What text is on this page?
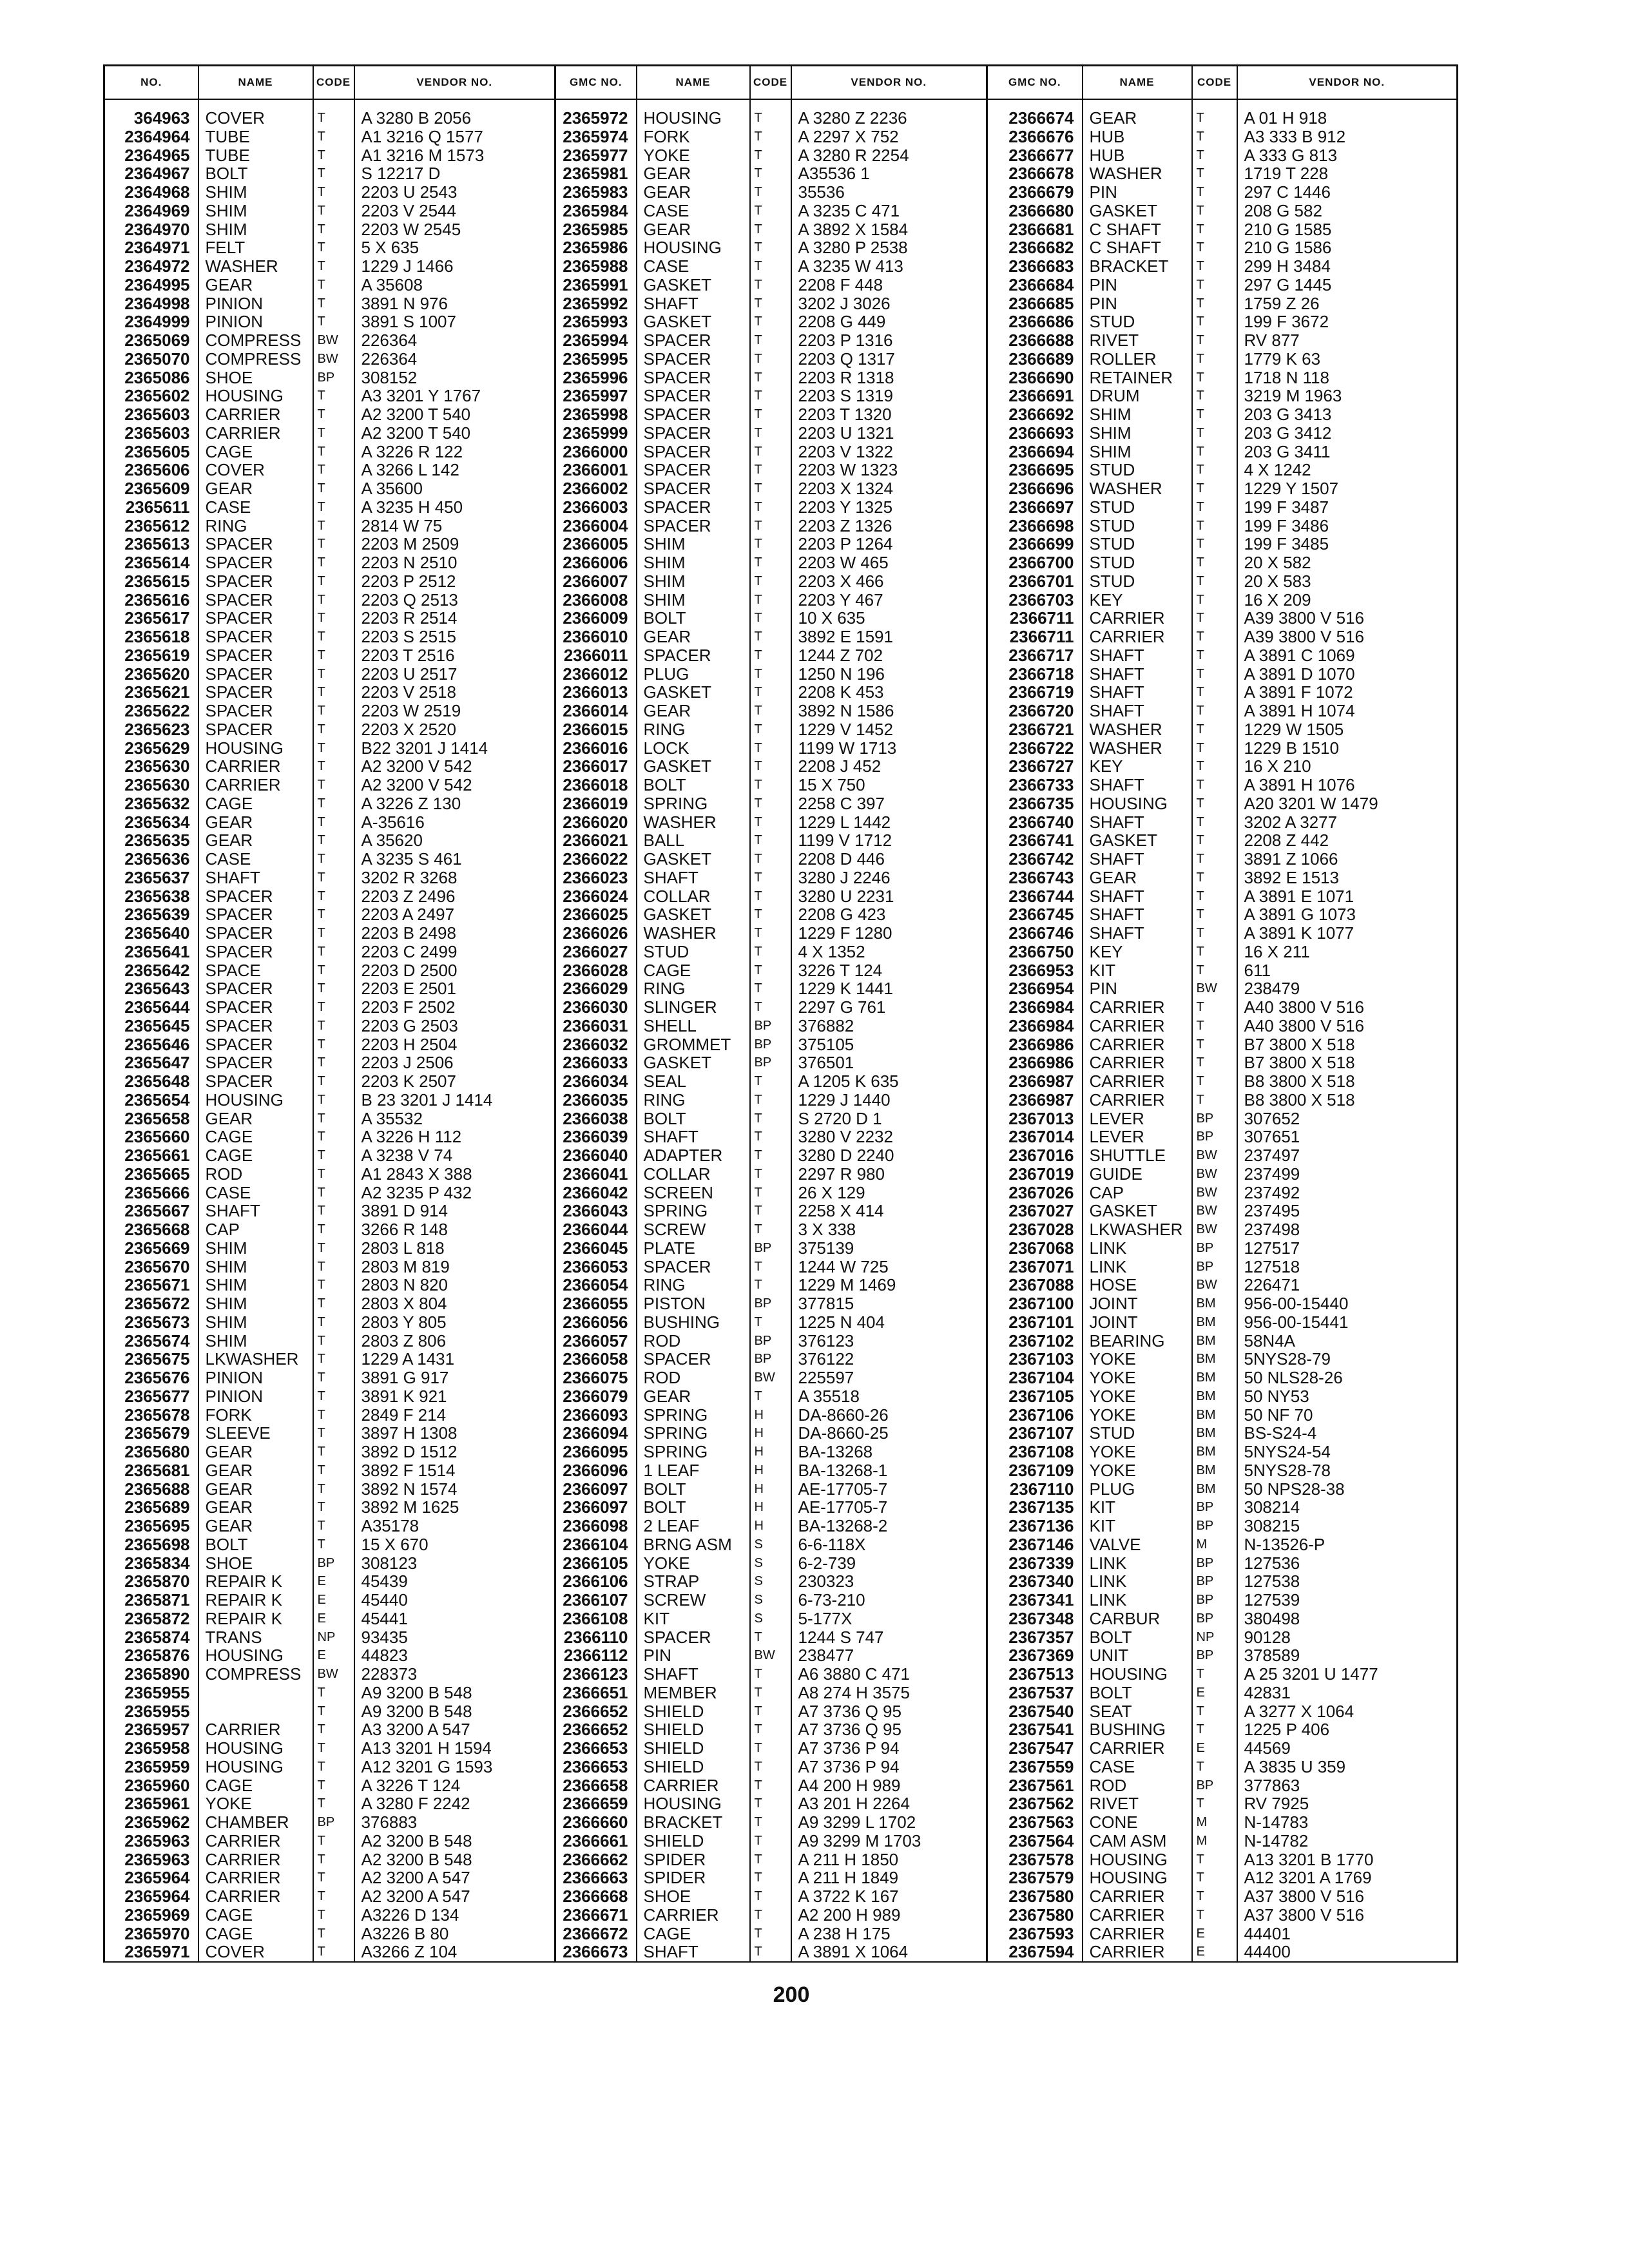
NO.	NAME	CODE	VENDOR NO.	GMC NO.	NAME	CODE	VENDOR NO.	GMC NO.	NAME	CODE	VENDOR NO.
364963	COVER	T	A 3280 B 2056	2365972	HOUSING	T	A 3280 Z 2236	2366674	GEAR	T	A 01 H 918
2364964	TUBE	T	A1 3216 Q 1577	2365974	FORK	T	A 2297 X 752	2366676	HUB	T	A3 333 B 912
2364965	TUBE	T	A1 3216 M 1573	2365977	YOKE	T	A 3280 R 2254	2366677	HUB	T	A 333 G 813
2364967	BOLT	T	S 12217 D	2365981	GEAR	T	A35536 1	2366678	WASHER	T	1719 T 228
2364968	SHIM	T	2203 U 2543	2365983	GEAR	T	35536	2366679	PIN	T	297 C 1446
2364969	SHIM	T	2203 V 2544	2365984	CASE	T	A 3235 C 471	2366680	GASKET	T	208 G 582
2364970	SHIM	T	2203 W 2545	2365985	GEAR	T	A 3892 X 1584	2366681	C SHAFT	T	210 G 1585
2364971	FELT	T	5 X 635	2365986	HOUSING	T	A 3280 P 2538	2366682	C SHAFT	T	210 G 1586
2364972	WASHER	T	1229 J 1466	2365988	CASE	T	A 3235 W 413	2366683	BRACKET	T	299 H 3484
2364995	GEAR	T	A 35608	2365991	GASKET	T	2208 F 448	2366684	PIN	T	297 G 1445
2364998	PINION	T	3891 N 976	2365992	SHAFT	T	3202 J 3026	2366685	PIN	T	1759 Z 26
2364999	PINION	T	3891 S 1007	2365993	GASKET	T	2208 G 449	2366686	STUD	T	199 F 3672
2365069	COMPRESS	BW	226364	2365994	SPACER	T	2203 P 1316	2366688	RIVET	T	RV 877
2365070	COMPRESS	BW	226364	2365995	SPACER	T	2203 Q 1317	2366689	ROLLER	T	1779 K 63
2365086	SHOE	BP	308152	2365996	SPACER	T	2203 R 1318	2366690	RETAINER	T	1718 N 118
2365602	HOUSING	T	A3 3201 Y 1767	2365997	SPACER	T	2203 S 1319	2366691	DRUM	T	3219 M 1963
2365603	CARRIER	T	A2 3200 T 540	2365998	SPACER	T	2203 T 1320	2366692	SHIM	T	203 G 3413
2365603	CARRIER	T	A2 3200 T 540	2365999	SPACER	T	2203 U 1321	2366693	SHIM	T	203 G 3412
2365605	CAGE	T	A 3226 R 122	2366000	SPACER	T	2203 V 1322	2366694	SHIM	T	203 G 3411
2365606	COVER	T	A 3266 L 142	2366001	SPACER	T	2203 W 1323	2366695	STUD	T	4 X 1242
2365609	GEAR	T	A 35600	2366002	SPACER	T	2203 X 1324	2366696	WASHER	T	1229 Y 1507
2365611	CASE	T	A 3235 H 450	2366003	SPACER	T	2203 Y 1325	2366697	STUD	T	199 F 3487
2365612	RING	T	2814 W 75	2366004	SPACER	T	2203 Z 1326	2366698	STUD	T	199 F 3486
2365613	SPACER	T	2203 M 2509	2366005	SHIM	T	2203 P 1264	2366699	STUD	T	199 F 3485
2365614	SPACER	T	2203 N 2510	2366006	SHIM	T	2203 W 465	2366700	STUD	T	20 X 582
2365615	SPACER	T	2203 P 2512	2366007	SHIM	T	2203 X 466	2366701	STUD	T	20 X 583
2365616	SPACER	T	2203 Q 2513	2366008	SHIM	T	2203 Y 467	2366703	KEY	T	16 X 209
2365617	SPACER	T	2203 R 2514	2366009	BOLT	T	10 X 635	2366711	CARRIER	T	A39 3800 V 516
2365618	SPACER	T	2203 S 2515	2366010	GEAR	T	3892 E 1591	2366711	CARRIER	T	A39 3800 V 516
2365619	SPACER	T	2203 T 2516	2366011	SPACER	T	1244 Z 702	2366717	SHAFT	T	A 3891 C 1069
2365620	SPACER	T	2203 U 2517	2366012	PLUG	T	1250 N 196	2366718	SHAFT	T	A 3891 D 1070
2365621	SPACER	T	2203 V 2518	2366013	GASKET	T	2208 K 453	2366719	SHAFT	T	A 3891 F 1072
2365622	SPACER	T	2203 W 2519	2366014	GEAR	T	3892 N 1586	2366720	SHAFT	T	A 3891 H 1074
2365623	SPACER	T	2203 X 2520	2366015	RING	T	1229 V 1452	2366721	WASHER	T	1229 W 1505
2365629	HOUSING	T	B22 3201 J 1414	2366016	LOCK	T	1199 W 1713	2366722	WASHER	T	1229 B 1510
2365630	CARRIER	T	A2 3200 V 542	2366017	GASKET	T	2208 J 452	2366727	KEY	T	16 X 210
2365630	CARRIER	T	A2 3200 V 542	2366018	BOLT	T	15 X 750	2366733	SHAFT	T	A 3891 H 1076
2365632	CAGE	T	A 3226 Z 130	2366019	SPRING	T	2258 C 397	2366735	HOUSING	T	A20 3201 W 1479
2365634	GEAR	T	A-35616	2366020	WASHER	T	1229 L 1442	2366740	SHAFT	T	3202 A 3277
2365635	GEAR	T	A 35620	2366021	BALL	T	1199 V 1712	2366741	GASKET	T	2208 Z 442
2365636	CASE	T	A 3235 S 461	2366022	GASKET	T	2208 D 446	2366742	SHAFT	T	3891 Z 1066
2365637	SHAFT	T	3202 R 3268	2366023	SHAFT	T	3280 J 2246	2366743	GEAR	T	3892 E 1513
2365638	SPACER	T	2203 Z 2496	2366024	COLLAR	T	3280 U 2231	2366744	SHAFT	T	A 3891 E 1071
2365639	SPACER	T	2203 A 2497	2366025	GASKET	T	2208 G 423	2366745	SHAFT	T	A 3891 G 1073
2365640	SPACER	T	2203 B 2498	2366026	WASHER	T	1229 F 1280	2366746	SHAFT	T	A 3891 K 1077
2365641	SPACER	T	2203 C 2499	2366027	STUD	T	4 X 1352	2366750	KEY	T	16 X 211
2365642	SPACE	T	2203 D 2500	2366028	CAGE	T	3226 T 124	2366953	KIT	T	611
2365643	SPACER	T	2203 E 2501	2366029	RING	T	1229 K 1441	2366954	PIN	BW	238479
2365644	SPACER	T	2203 F 2502	2366030	SLINGER	T	2297 G 761	2366984	CARRIER	T	A40 3800 V 516
2365645	SPACER	T	2203 G 2503	2366031	SHELL	BP	376882	2366984	CARRIER	T	A40 3800 V 516
2365646	SPACER	T	2203 H 2504	2366032	GROMMET	BP	375105	2366986	CARRIER	T	B7 3800 X 518
2365647	SPACER	T	2203 J 2506	2366033	GASKET	BP	376501	2366986	CARRIER	T	B7 3800 X 518
2365648	SPACER	T	2203 K 2507	2366034	SEAL	T	A 1205 K 635	2366987	CARRIER	T	B8 3800 X 518
2365654	HOUSING	T	B 23 3201 J 1414	2366035	RING	T	1229 J 1440	2366987	CARRIER	T	B8 3800 X 518
2365658	GEAR	T	A 35532	2366038	BOLT	T	S 2720 D 1	2367013	LEVER	BP	307652
2365660	CAGE	T	A 3226 H 112	2366039	SHAFT	T	3280 V 2232	2367014	LEVER	BP	307651
2365661	CAGE	T	A 3238 V 74	2366040	ADAPTER	T	3280 D 2240	2367016	SHUTTLE	BW	237497
2365665	ROD	T	A1 2843 X 388	2366041	COLLAR	T	2297 R 980	2367019	GUIDE	BW	237499
2365666	CASE	T	A2 3235 P 432	2366042	SCREEN	T	26 X 129	2367026	CAP	BW	237492
2365667	SHAFT	T	3891 D 914	2366043	SPRING	T	2258 X 414	2367027	GASKET	BW	237495
2365668	CAP	T	3266 R 148	2366044	SCREW	T	3 X 338	2367028	LKWASHER	BW	237498
2365669	SHIM	T	2803 L 818	2366045	PLATE	BP	375139	2367068	LINK	BP	127517
2365670	SHIM	T	2803 M 819	2366053	SPACER	T	1244 W 725	2367071	LINK	BP	127518
2365671	SHIM	T	2803 N 820	2366054	RING	T	1229 M 1469	2367088	HOSE	BW	226471
2365672	SHIM	T	2803 X 804	2366055	PISTON	BP	377815	2367100	JOINT	BM	956-00-15440
2365673	SHIM	T	2803 Y 805	2366056	BUSHING	T	1225 N 404	2367101	JOINT	BM	956-00-15441
2365674	SHIM	T	2803 Z 806	2366057	ROD	BP	376123	2367102	BEARING	BM	58N4A
2365675	LKWASHER	T	1229 A 1431	2366058	SPACER	BP	376122	2367103	YOKE	BM	5NYS28-79
2365676	PINION	T	3891 G 917	2366075	ROD	BW	225597	2367104	YOKE	BM	50 NLS28-26
2365677	PINION	T	3891 K 921	2366079	GEAR	T	A 35518	2367105	YOKE	BM	50 NY53
2365678	FORK	T	2849 F 214	2366093	SPRING	H	DA-8660-26	2367106	YOKE	BM	50 NF 70
2365679	SLEEVE	T	3897 H 1308	2366094	SPRING	H	DA-8660-25	2367107	STUD	BM	BS-S24-4
2365680	GEAR	T	3892 D 1512	2366095	SPRING	H	BA-13268	2367108	YOKE	BM	5NYS24-54
2365681	GEAR	T	3892 F 1514	2366096	1 LEAF	H	BA-13268-1	2367109	YOKE	BM	5NYS28-78
2365688	GEAR	T	3892 N 1574	2366097	BOLT	H	AE-17705-7	2367110	PLUG	BM	50 NPS28-38
2365689	GEAR	T	3892 M 1625	2366097	BOLT	H	AE-17705-7	2367135	KIT	BP	308214
2365695	GEAR	T	A35178	2366098	2 LEAF	H	BA-13268-2	2367136	KIT	BP	308215
2365698	BOLT	T	15 X 670	2366104	BRNG ASM	S	6-6-118X	2367146	VALVE	M	N-13526-P
2365834	SHOE	BP	308123	2366105	YOKE	S	6-2-739	2367339	LINK	BP	127536
2365870	REPAIR K	E	45439	2366106	STRAP	S	230323	2367340	LINK	BP	127538
2365871	REPAIR K	E	45440	2366107	SCREW	S	6-73-210	2367341	LINK	BP	127539
2365872	REPAIR K	E	45441	2366108	KIT	S	5-177X	2367348	CARBUR	BP	380498
2365874	TRANS	NP	93435	2366110	SPACER	T	1244 S 747	2367357	BOLT	NP	90128
2365876	HOUSING	E	44823	2366112	PIN	BW	238477	2367369	UNIT	BP	378589
2365890	COMPRESS	BW	228373	2366123	SHAFT	T	A6 3880 C 471	2367513	HOUSING	T	A 25 3201 U 1477
2365955		T	A9 3200 B 548	2366651	MEMBER	T	A8 274 H 3575	2367537	BOLT	E	42831
2365955		T	A9 3200 B 548	2366652	SHIELD	T	A7 3736 Q 95	2367540	SEAT	T	A 3277 X 1064
2365957	CARRIER	T	A3 3200 A 547	2366652	SHIELD	T	A7 3736 Q 95	2367541	BUSHING	T	1225 P 406
2365958	HOUSING	T	A13 3201 H 1594	2366653	SHIELD	T	A7 3736 P 94	2367547	CARRIER	E	44569
2365959	HOUSING	T	A12 3201 G 1593	2366653	SHIELD	T	A7 3736 P 94	2367559	CASE	T	A 3835 U 359
2365960	CAGE	T	A 3226 T 124	2366658	CARRIER	T	A4 200 H 989	2367561	ROD	BP	377863
2365961	YOKE	T	A 3280 F 2242	2366659	HOUSING	T	A3 201 H 2264	2367562	RIVET	T	RV 7925
2365962	CHAMBER	BP	376883	2366660	BRACKET	T	A9 3299 L 1702	2367563	CONE	M	N-14783
2365963	CARRIER	T	A2 3200 B 548	2366661	SHIELD	T	A9 3299 M 1703	2367564	CAM ASM	M	N-14782
2365963	CARRIER	T	A2 3200 B 548	2366662	SPIDER	T	A 211 H 1850	2367578	HOUSING	T	A13 3201 B 1770
2365964	CARRIER	T	A2 3200 A 547	2366663	SPIDER	T	A 211 H 1849	2367579	HOUSING	T	A12 3201 A 1769
2365964	CARRIER	T	A2 3200 A 547	2366668	SHOE	T	A 3722 K 167	2367580	CARRIER	T	A37 3800 V 516
2365969	CAGE	T	A3226 D 134	2366671	CARRIER	T	A2 200 H 989	2367580	CARRIER	T	A37 3800 V 516
2365970	CAGE	T	A3226 B 80	2366672	CAGE	T	A 238 H 175	2367593	CARRIER	E	44401
2365971	COVER	T	A3266 Z 104	2366673	SHAFT	T	A 3891 X 1064	2367594	CARRIER	E	44400
200
